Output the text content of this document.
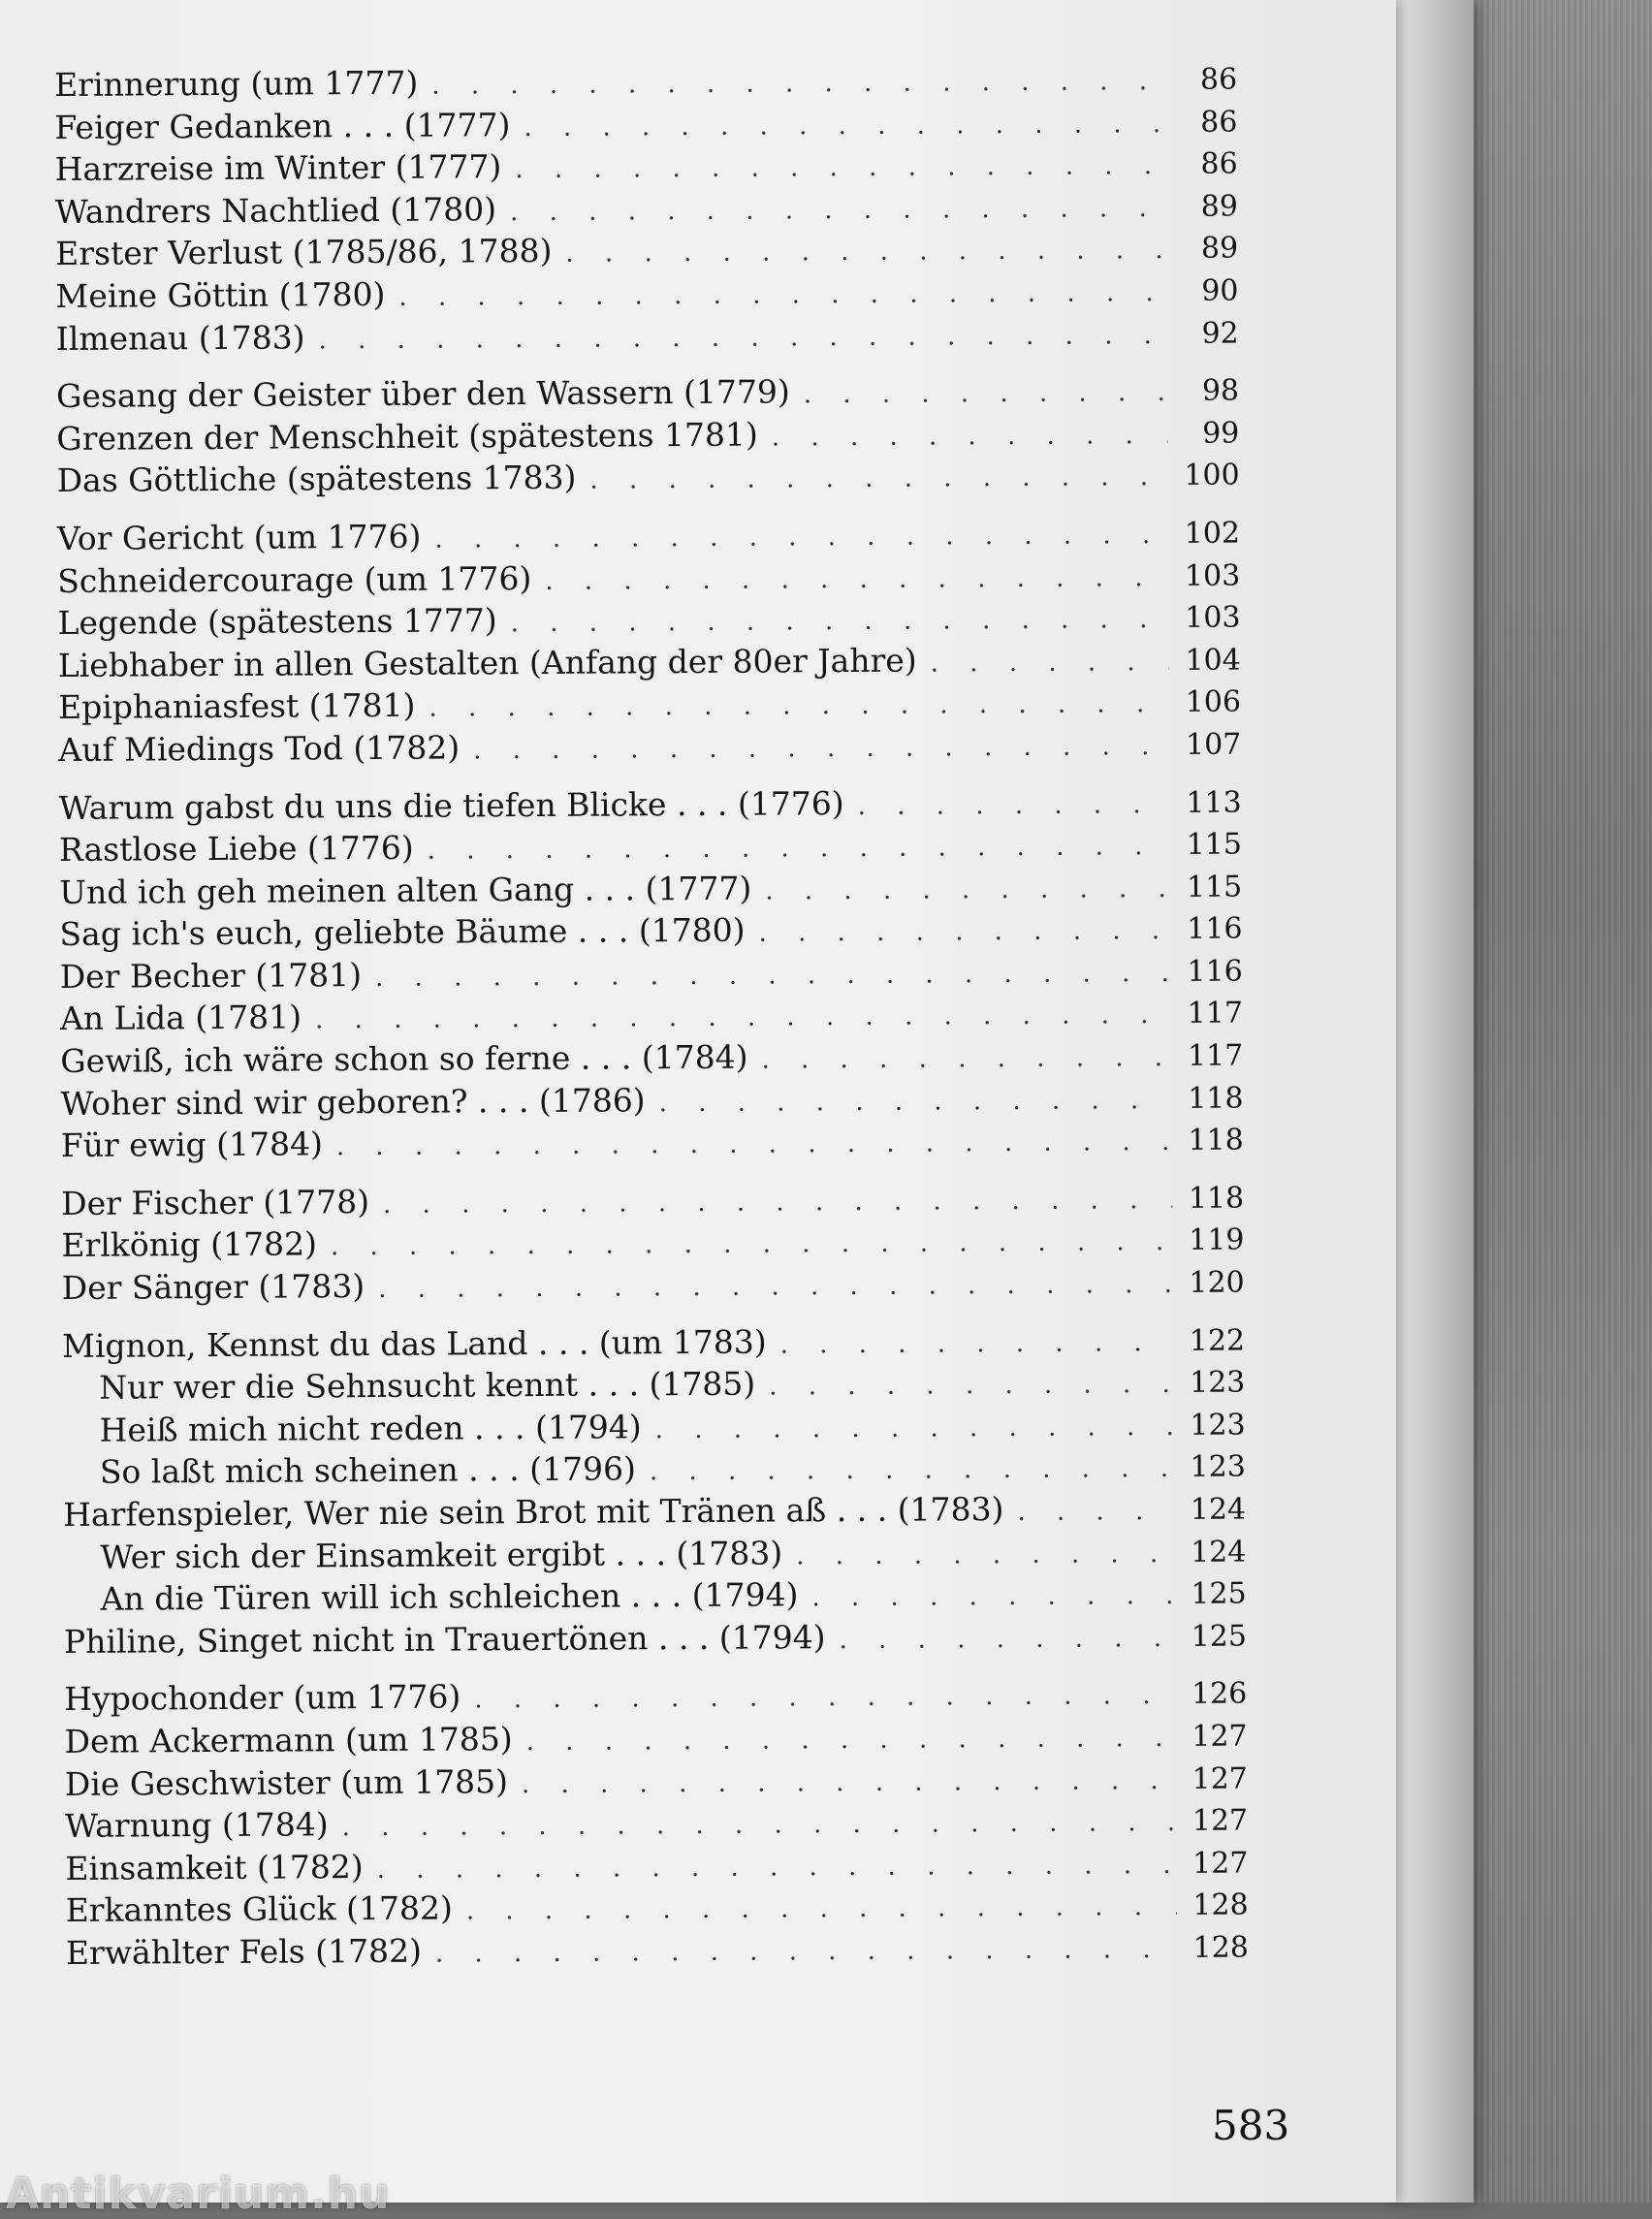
Erinnerung (um 1777) . . .	86
Feiger Gedanken . . . (1777) . . .	86
Harzreise im Winter (1777) . . .	86
Wandrers Nachtlied (1780) . . .	89
Erster Verlust (1785/86, 1788) . . .	89
Meine Göttin (1780) . . .	90
Ilmenau (1783) . . .	92
Gesang der Geister über den Wassern (1779) . . .	98
Grenzen der Menschheit (spätestens 1781) . . .	99
Das Göttliche (spätestens 1783) . . .	100
Vor Gericht (um 1776) . . .	102
Schneidercourage (um 1776) . . .	103
Legende (spätestens 1777) . . .	103
Liebhaber in allen Gestalten (Anfang der 80er Jahre) . . .	104
Epiphaniasfest (1781) . . .	106
Auf Miedings Tod (1782) . . .	107
Warum gabst du uns die tiefen Blicke . . . (1776) . . .	113
Rastlose Liebe (1776) . . .	115
Und ich geh meinen alten Gang . . . (1777) . . .	115
Sag ich's euch, geliebte Bäume . . . (1780) . . .	116
Der Becher (1781) . . .	116
An Lida (1781) . . .	117
Gewiß, ich wäre schon so ferne . . . (1784) . . .	117
Woher sind wir geboren? . . . (1786) . . .	118
Für ewig (1784) . . .	118
Der Fischer (1778) . . .	118
Erlkönig (1782) . . .	119
Der Sänger (1783) . . .	120
Mignon, Kennst du das Land . . . (um 1783) . . .	122
Nur wer die Sehnsucht kennt . . . (1785) . . .	123
Heiß mich nicht reden . . . (1794) . . .	123
So laßt mich scheinen . . . (1796) . . .	123
Harfenspieler, Wer nie sein Brot mit Tränen aß . . . (1783) . . .	124
Wer sich der Einsamkeit ergibt . . . (1783) . . .	124
An die Türen will ich schleichen . . . (1794) . . .	125
Philine, Singet nicht in Trauertönen . . . (1794) . . .	125
Hypochonder (um 1776) . . .	126
Dem Ackermann (um 1785) . . .	127
Die Geschwister (um 1785) . . .	127
Warnung (1784) . . .	127
Einsamkeit (1782) . . .	127
Erkanntes Glück (1782) . . .	128
Erwählter Fels (1782) . . .	128
583
Antikvarium.hu
